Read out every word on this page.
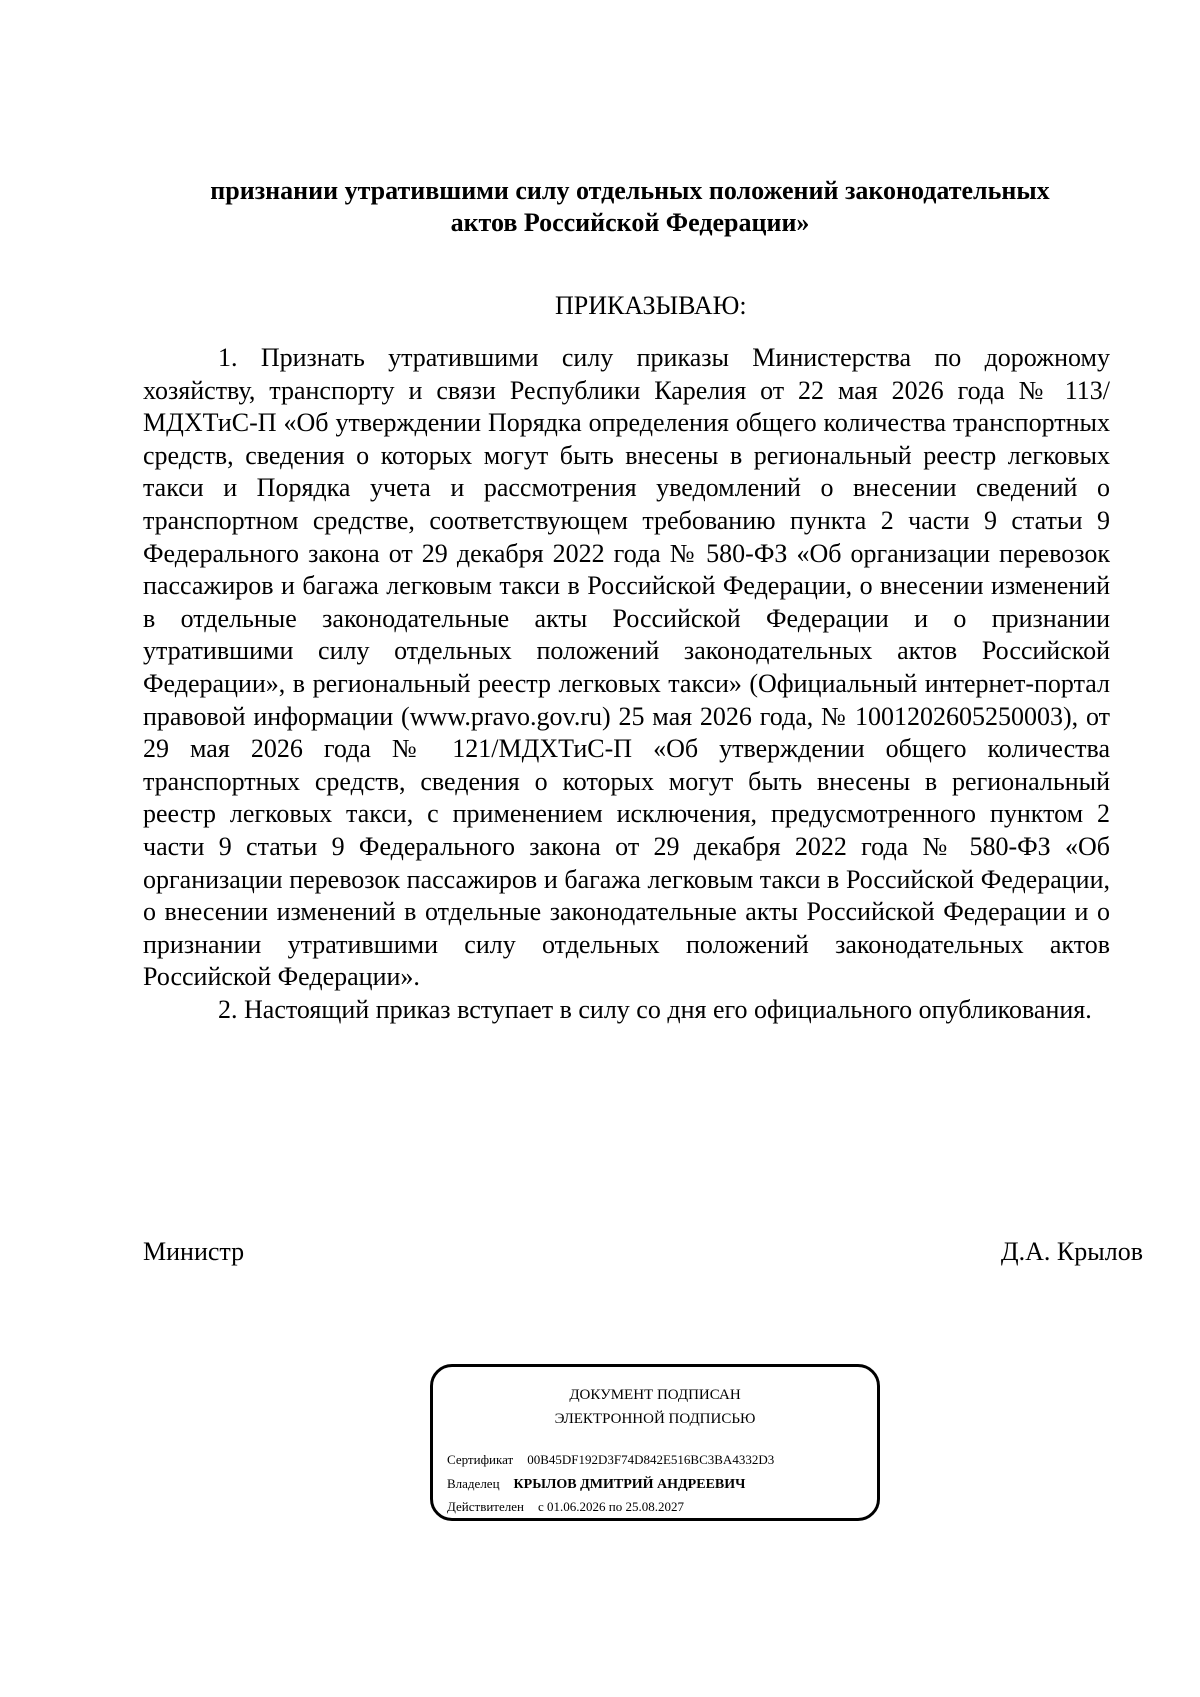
признании утратившими силу отдельных положений законодательных
актов Российской Федерации»
ПРИКАЗЫВАЮ:

1. Признать утратившими силу приказы Министерства по дорожному хозяйству, транспорту и связи Республики Карелия от 22 мая 2026 года № 113/МДХТиС-П «Об утверждении Порядка определения общего количества транспортных средств, сведения о которых могут быть внесены в региональный реестр легковых такси и Порядка учета и рассмотрения уведомлений о внесении сведений о транспортном средстве, соответствующем требованию пункта 2 части 9 статьи 9 Федерального закона от 29 декабря 2022 года № 580-ФЗ «Об организации перевозок пассажиров и багажа легковым такси в Российской Федерации, о внесении изменений в отдельные законодательные акты Российской Федерации и о признании утратившими силу отдельных положений законодательных актов Российской Федерации», в региональный реестр легковых такси» (Официальный интернет-портал правовой информации (www.pravo.gov.ru) 25 мая 2026 года, № 1001202605250003), от 29 мая 2026 года № 121/МДХТиС-П «Об утверждении общего количества транспортных средств, сведения о которых могут быть внесены в региональный реестр легковых такси, с применением исключения, предусмотренного пунктом 2 части 9 статьи 9 Федерального закона от 29 декабря 2022 года № 580-ФЗ «Об организации перевозок пассажиров и багажа легковым такси в Российской Федерации, о внесении изменений в отдельные законодательные акты Российской Федерации и о признании утратившими силу отдельных положений законодательных актов Российской Федерации».

2. Настоящий приказ вступает в силу со дня его официального опубликования.

Министр	Д.А. Крылов
ДОКУМЕНТ ПОДПИСАН
ЭЛЕКТРОННОЙ ПОДПИСЬЮ
Сертификат 00B45DF192D3F74D842E516BC3BA4332D3
Владелец КРЫЛОВ ДМИТРИЙ АНДРЕЕВИЧ
Действителен с 01.06.2026 по 25.08.2027
